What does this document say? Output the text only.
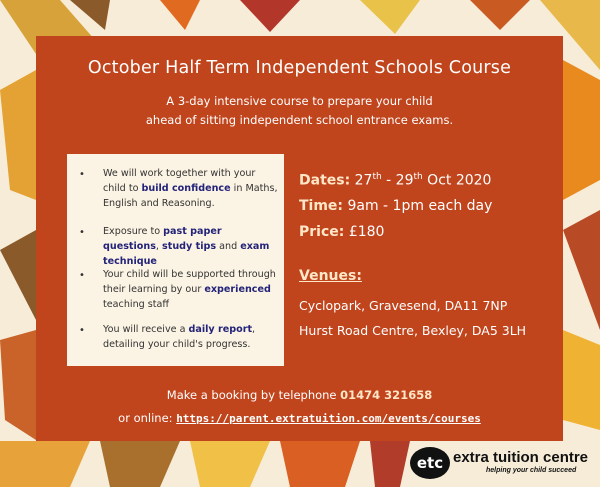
October Half Term Independent Schools Course
A 3-day intensive course to prepare your child
ahead of sitting independent school entrance exams.
• We will work together with your child to build confidence in Maths, English and Reasoning.
• Exposure to past paper questions, study tips and exam technique
• Your child will be supported through their learning by our experienced teaching staff
• You will receive a daily report, detailing your child's progress.
Dates: 27th - 29th Oct 2020
Time: 9am - 1pm each day
Price: £180
Venues:
Cyclopark, Gravesend, DA11 7NP
Hurst Road Centre, Bexley, DA5 3LH
Make a booking by telephone 01474 321658
or online: https://parent.extratuition.com/events/courses
etc extra tuition centre
helping your child succeed
